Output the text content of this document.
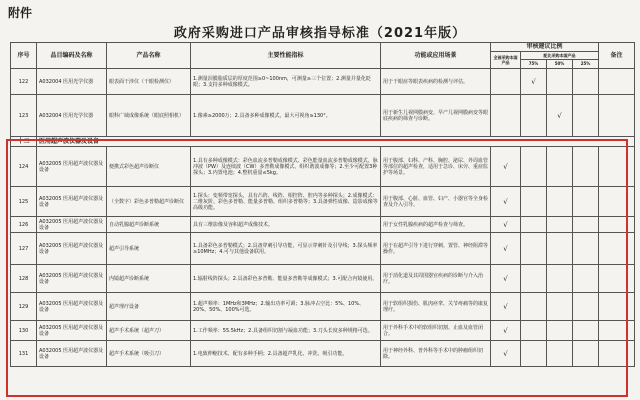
附件
政府采购进口产品审核指导标准（2021年版）
序号	品目编码及名称	产品名称	主要性能指标	功能或应用场景	审核建议比例				备注
					全部采购本国产品	配比采购本国产品			
						75%	50%	25%	
122	A032004 医用光学仪器	眼表面干涉仪（干眼检测仪）	1.测量泪膜脂质层的厚度范围≥0~100nm，可测量≥三个位置；2.测量并量化眨眼；3.支持多种成像模式。	用于干眼症等眼表疾病的检测与评估。		√			
123	A032004 医用光学仪器	眼科广域成像系统（眼底照相机）	1.像素≥2000万；2.具备多种成像模式，最大可视角≥130°。	用于新生儿视网膜病变、早产儿视网膜病变等眼底疾病的筛查与诊断。			√		
十二	医用超声波仪器及设备								
124	A032005 医用超声波仪器及设备	便携式彩色超声诊断仪	1.具有多种成像模式：彩色血流多普勒成像模式、彩色能量血流多普勒成像模式、脉冲波（PW）及连续波（CW）多普勒成像模式、组织谐波成像等；2.至少可配置3种探头；3.内置电池；4.整机重量≤5kg。	用于腹部、妇科、产科、胸腔、泌尿、外周血管等部位的超声检查，适用于急诊、床旁、重症监护等场景。	√				
125	A032005 医用超声波仪器及设备	（全数字）彩色多普勒超声诊断仪	1.探头：变频带宽探头，具有凸阵、线阵、相控阵、腔内等多种探头；2.成像模式：二维灰阶、彩色多普勒、能量多普勒、组织多普勒等；3.具备弹性成像、造影成像等高级功能。	用于腹部、心脏、血管、妇产、小器官等全身检查及介入引导。	√				
126	A032005 医用超声波仪器及设备	自动乳腺超声诊断系统	具有三维影像及容积超声成像技术。	用于女性乳腺疾病的超声检查与筛查。	√				
127	A032005 医用超声波仪器及设备	超声引导系统	1.具备彩色多普勒模式；2.具备穿刺引导功能，可显示穿刺针及引导线；3.探头频率≥10MHz；4.可与其他设备联用。	用于在超声引导下进行穿刺、置管、神经阻滞等操作。	√				
128	A032005 医用超声波仪器及设备	内镜超声诊断系统	1.辐射线阵探头；2.具备彩色多普勒、能量多普勒等成像模式；3.可配合内镜使用。	用于消化道及其周围器官疾病的诊断与介入治疗。	√				
129	A032005 医用超声波仪器及设备	超声理疗设备	1.超声频率：1MHz和3MHz；2.输出功率可调；3.脉冲占空比：5%、10%、20%、50%、100%可选。	用于软组织损伤、肌肉痉挛、关节疼痛等的康复理疗。	√				
130	A032005 医用超声波仪器及设备	超声手术系统（超声刀）	1.工作频率：55.5kHz；2.具备组织切割与凝血功能；3.刀头长度多种规格可选。	用于外科手术中的软组织切割、止血及血管闭合。	√				
131	A032005 医用超声波仪器及设备	超声手术系统（吸引刀）	1.电致伸缩技术，配有多种手柄；2.具备超声乳化、冲洗、吸引功能。	用于神经外科、普外科等手术中的肿瘤组织切除。	√				
